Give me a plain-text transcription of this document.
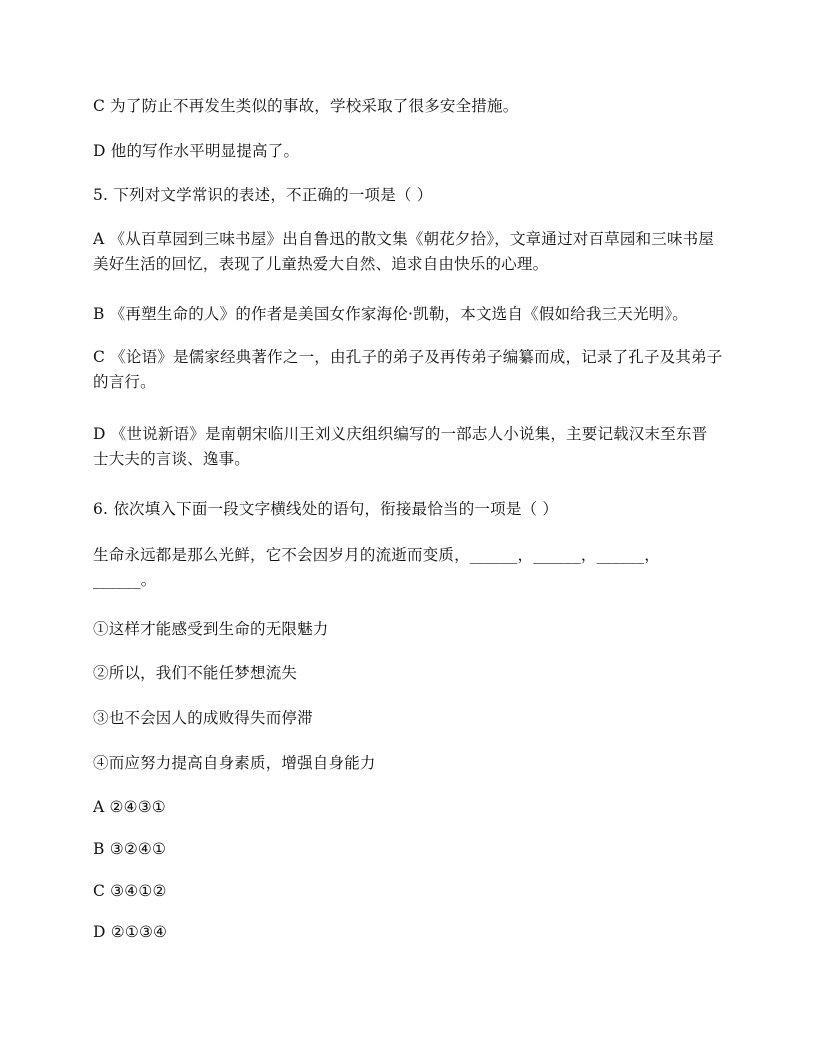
C 为了防止不再发生类似的事故，学校采取了很多安全措施。
D 他的写作水平明显提高了。
5. 下列对文学常识的表述，不正确的一项是（ ）
A 《从百草园到三味书屋》出自鲁迅的散文集《朝花夕拾》，文章通过对百草园和三味书屋美好生活的回忆，表现了儿童热爱大自然、追求自由快乐的心理。
B 《再塑生命的人》的作者是美国女作家海伦·凯勒，本文选自《假如给我三天光明》。
C 《论语》是儒家经典著作之一，由孔子的弟子及再传弟子编纂而成，记录了孔子及其弟子的言行。
D 《世说新语》是南朝宋临川王刘义庆组织编写的一部志人小说集，主要记载汉末至东晋士大夫的言谈、逸事。
6. 依次填入下面一段文字横线处的语句，衔接最恰当的一项是（ ）
生命永远都是那么光鲜，它不会因岁月的流逝而变质，______，______，______，______。
①这样才能感受到生命的无限魅力
②所以，我们不能任梦想流失
③也不会因人的成败得失而停滞
④而应努力提高自身素质，增强自身能力
A ②④③①
B ③②④①
C ③④①②
D ②①③④
